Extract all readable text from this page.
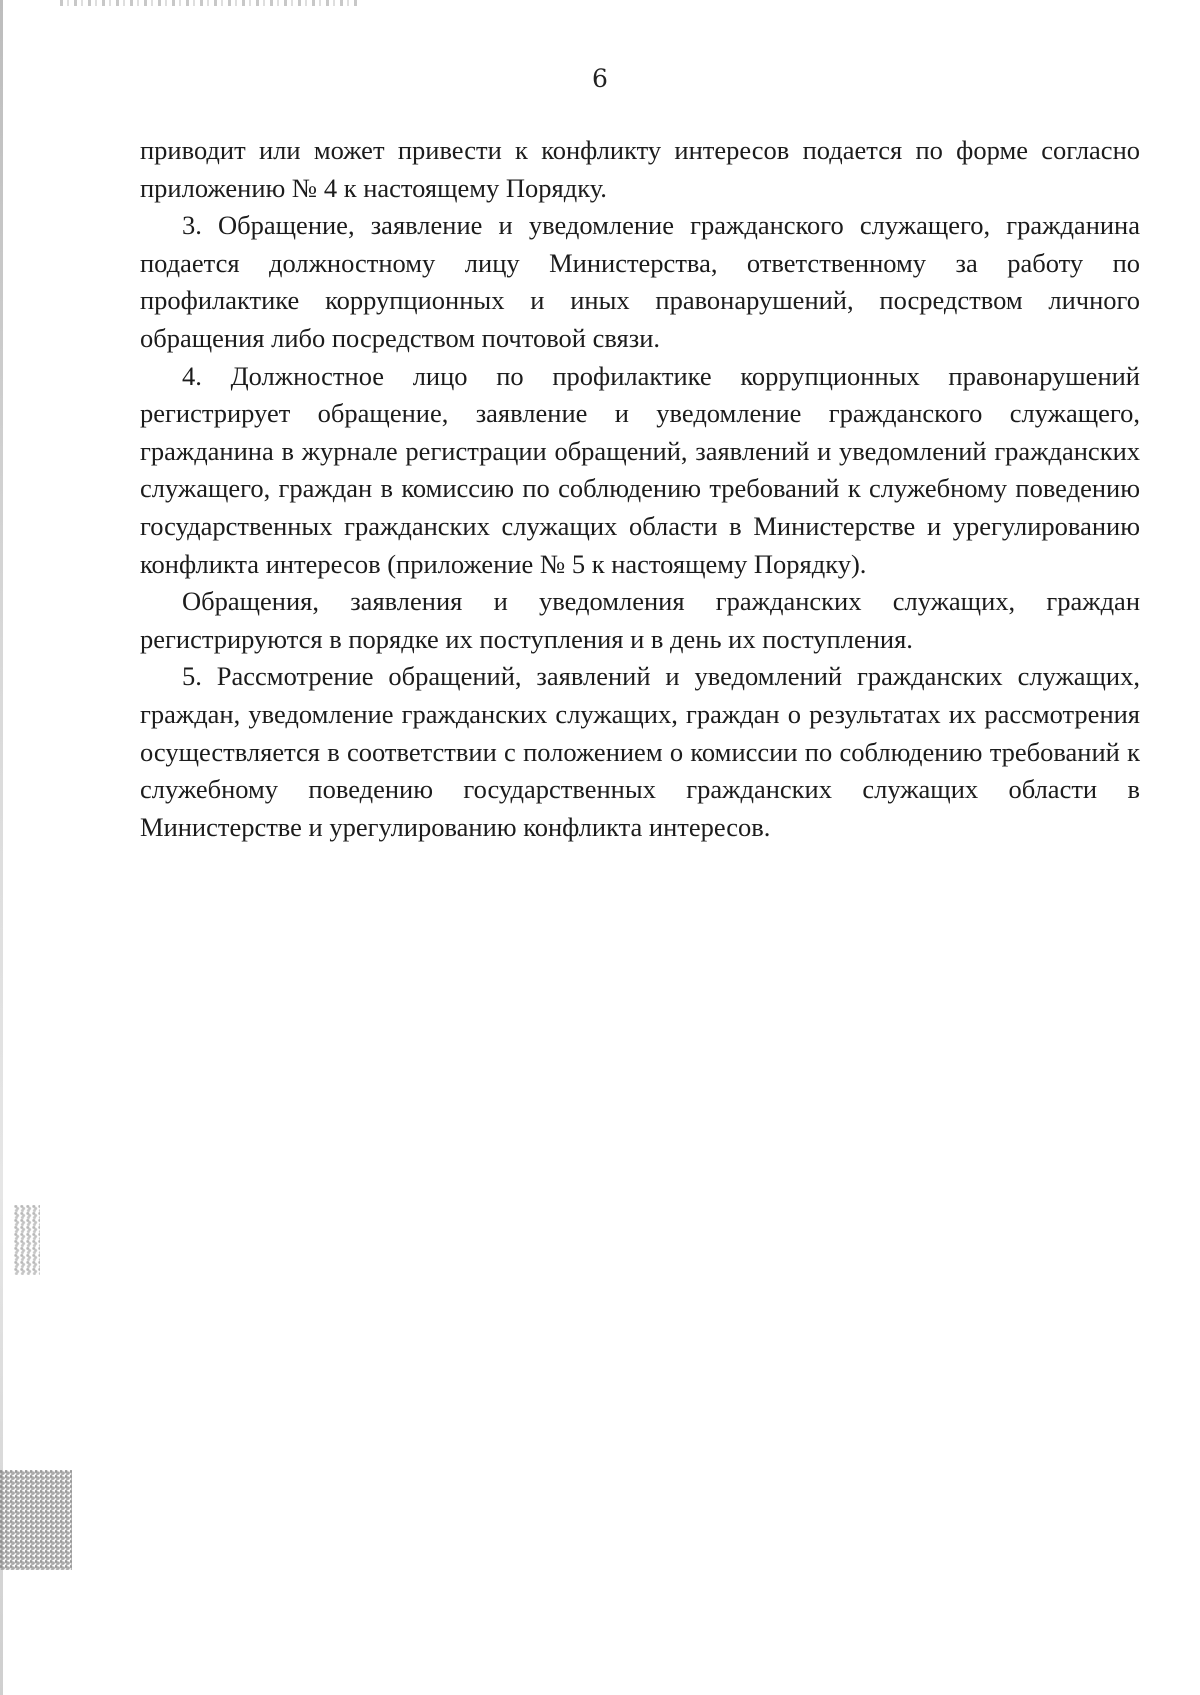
6

приводит или может привести к конфликту интересов подается по форме согласно приложению № 4 к настоящему Порядку.

3. Обращение, заявление и уведомление гражданского служащего, гражданина подается должностному лицу Министерства, ответственному за работу по профилактике коррупционных и иных правонарушений, посредством личного обращения либо посредством почтовой связи.

4. Должностное лицо по профилактике коррупционных правонарушений регистрирует обращение, заявление и уведомление гражданского служащего, гражданина в журнале регистрации обращений, заявлений и уведомлений гражданских служащего, граждан в комиссию по соблюдению требований к служебному поведению государственных гражданских служащих области в Министерстве и урегулированию конфликта интересов (приложение № 5 к настоящему Порядку).

Обращения, заявления и уведомления гражданских служащих, граждан регистрируются в порядке их поступления и в день их поступления.

5. Рассмотрение обращений, заявлений и уведомлений гражданских служащих, граждан, уведомление гражданских служащих, граждан о результатах их рассмотрения осуществляется в соответствии с положением о комиссии по соблюдению требований к служебному поведению государственных гражданских служащих области в Министерстве и урегулированию конфликта интересов.
